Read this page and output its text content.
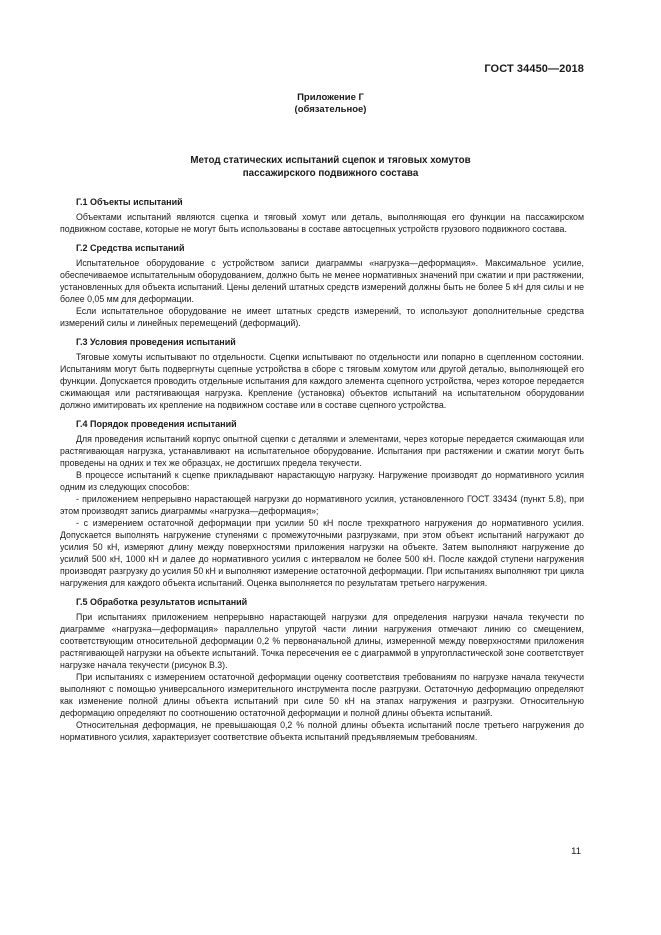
ГОСТ 34450—2018
Приложение Г
(обязательное)
Метод статических испытаний сцепок и тяговых хомутов
пассажирского подвижного состава
Г.1 Объекты испытаний

Объектами испытаний являются сцепка и тяговый хомут или деталь, выполняющая его функции на пассажирском подвижном составе, которые не могут быть использованы в составе автосцепных устройств грузового подвижного состава.

Г.2 Средства испытаний

Испытательное оборудование с устройством записи диаграммы «нагрузка—деформация». Максимальное усилие, обеспечиваемое испытательным оборудованием, должно быть не менее нормативных значений при сжатии и при растяжении, установленных для объекта испытаний. Цены делений штатных средств измерений должны быть не более 5 кН для силы и не более 0,05 мм для деформации.

Если испытательное оборудование не имеет штатных средств измерений, то используют дополнительные средства измерений силы и линейных перемещений (деформаций).

Г.3 Условия проведения испытаний

Тяговые хомуты испытывают по отдельности. Сцепки испытывают по отдельности или попарно в сцепленном состоянии. Испытаниям могут быть подвергнуты сцепные устройства в сборе с тяговым хомутом или другой деталью, выполняющей его функции. Допускается проводить отдельные испытания для каждого элемента сцепного устройства, через которое передается сжимающая или растягивающая нагрузка. Крепление (установка) объектов испытаний на испытательном оборудовании должно имитировать их крепление на подвижном составе или в составе сцепного устройства.

Г.4 Порядок проведения испытаний

Для проведения испытаний корпус опытной сцепки с деталями и элементами, через которые передается сжимающая или растягивающая нагрузка, устанавливают на испытательное оборудование. Испытания при растяжении и сжатии могут быть проведены на одних и тех же образцах, не достигших предела текучести.

В процессе испытаний к сцепке прикладывают нарастающую нагрузку. Нагружение производят до нормативного усилия одним из следующих способов:

- приложением непрерывно нарастающей нагрузки до нормативного усилия, установленного ГОСТ 33434 (пункт 5.8), при этом производят запись диаграммы «нагрузка—деформация»;

- с измерением остаточной деформации при усилии 50 кН после трехкратного нагружения до нормативного усилия. Допускается выполнять нагружение ступенями с промежуточными разгрузками, при этом объект испытаний нагружают до усилия 50 кН, измеряют длину между поверхностями приложения нагрузки на объекте. Затем выполняют нагружение до усилий 500 кН, 1000 кН и далее до нормативного усилия с интервалом не более 500 кН. После каждой ступени нагружения производят разгрузку до усилия 50 кН и выполняют измерение остаточной деформации. При испытаниях выполняют три цикла нагружения для каждого объекта испытаний. Оценка выполняется по результатам третьего нагружения.

Г.5 Обработка результатов испытаний

При испытаниях приложением непрерывно нарастающей нагрузки для определения нагрузки начала текучести по диаграмме «нагрузка—деформация» параллельно упругой части линии нагружения отмечают линию со смещением, соответствующим относительной деформации 0,2 % первоначальной длины, измеренной между поверхностями приложения растягивающей нагрузки на объекте испытаний. Точка пересечения ее с диаграммой в упругопластической зоне соответствует нагрузке начала текучести (рисунок В.3).

При испытаниях с измерением остаточной деформации оценку соответствия требованиям по нагрузке начала текучести выполняют с помощью универсального измерительного инструмента после разгрузки. Остаточную деформацию определяют как изменение полной длины объекта испытаний при силе 50 кН на этапах нагружения и разгрузки. Относительную деформацию определяют по соотношению остаточной деформации и полной длины объекта испытаний.

Относительная деформация, не превышающая 0,2 % полной длины объекта испытаний после третьего нагружения до нормативного усилия, характеризует соответствие объекта испытаний предъявляемым требованиям.

11
